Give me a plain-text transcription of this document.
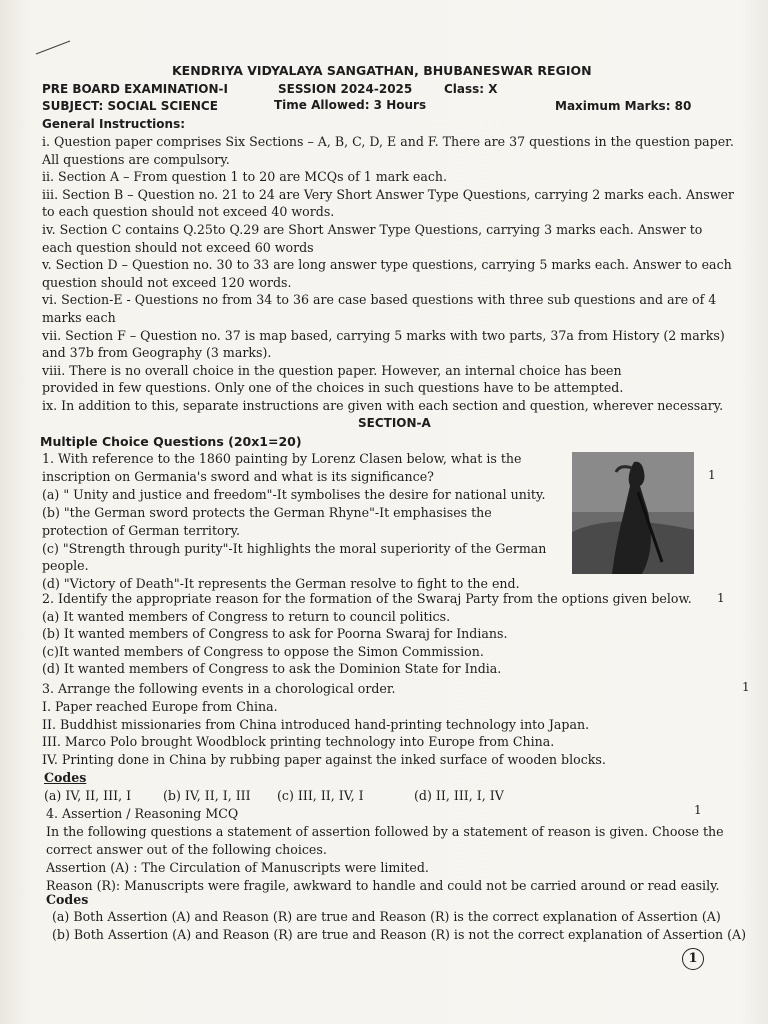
KENDRIYA VIDYALAYA SANGATHAN, BHUBANESWAR REGION
PRE BOARD EXAMINATION-I	SESSION 2024-2025	Class: X
SUBJECT: SOCIAL SCIENCE	Time Allowed: 3 Hours	Maximum Marks: 80
General Instructions:
i. Question paper comprises Six Sections – A, B, C, D, E and F. There are 37 questions in the question paper.
All questions are compulsory.
ii. Section A – From question 1 to 20 are MCQs of 1 mark each.
iii. Section B – Question no. 21 to 24 are Very Short Answer Type Questions, carrying 2 marks each. Answer
to each question should not exceed 40 words.
iv. Section C contains Q.25to Q.29 are Short Answer Type Questions, carrying 3 marks each. Answer to
each question should not exceed 60 words
v. Section D – Question no. 30 to 33 are long answer type questions, carrying 5 marks each. Answer to each
question should not exceed 120 words.
vi. Section-E - Questions no from 34 to 36 are case based questions with three sub questions and are of 4
marks each
vii. Section F – Question no. 37 is map based, carrying 5 marks with two parts, 37a from History (2 marks)
and 37b from Geography (3 marks).
viii. There is no overall choice in the question paper. However, an internal choice has been
provided in few questions. Only one of the choices in such questions have to be attempted.
ix. In addition to this, separate instructions are given with each section and question, wherever necessary.
SECTION-A
Multiple Choice Questions (20x1=20)
1. With reference to the 1860 painting by Lorenz Clasen below, what is the
inscription on Germania's sword and what is its significance?
(a) " Unity and justice and freedom"-It symbolises the desire for national unity.
(b) "the German sword protects the German Rhyne"-It emphasises the
protection of German territory.
(c) "Strength through purity"-It highlights the moral superiority of the German
people.
(d) "Victory of Death"-It represents the German resolve to fight to the end.
1
2. Identify the appropriate reason for the formation of the Swaraj Party from the options given below.
(a) It wanted members of Congress to return to council politics.
(b) It wanted members of Congress to ask for Poorna Swaraj for Indians.
(c)It wanted members of Congress to oppose the Simon Commission.
(d) It wanted members of Congress to ask the Dominion State for India.
1
3. Arrange the following events in a chorological order.
I. Paper reached Europe from China.
II. Buddhist missionaries from China introduced hand-printing technology into Japan.
III. Marco Polo brought Woodblock printing technology into Europe from China.
IV. Printing done in China by rubbing paper against the inked surface of wooden blocks.
1
Codes
(a) IV, II, III, I	(b) IV, II, I, III (c) III, II, IV, I	(d) II, III, I, IV
4. Assertion / Reasoning MCQ
In the following questions a statement of assertion followed by a statement of reason is given. Choose the
correct answer out of the following choices.
Assertion (A) : The Circulation of Manuscripts were limited.
Reason (R): Manuscripts were fragile, awkward to handle and could not be carried around or read easily.
1
Codes
(a) Both Assertion (A) and Reason (R) are true and Reason (R) is the correct explanation of Assertion (A)
(b) Both Assertion (A) and Reason (R) are true and Reason (R) is not the correct explanation of Assertion (A)
1
